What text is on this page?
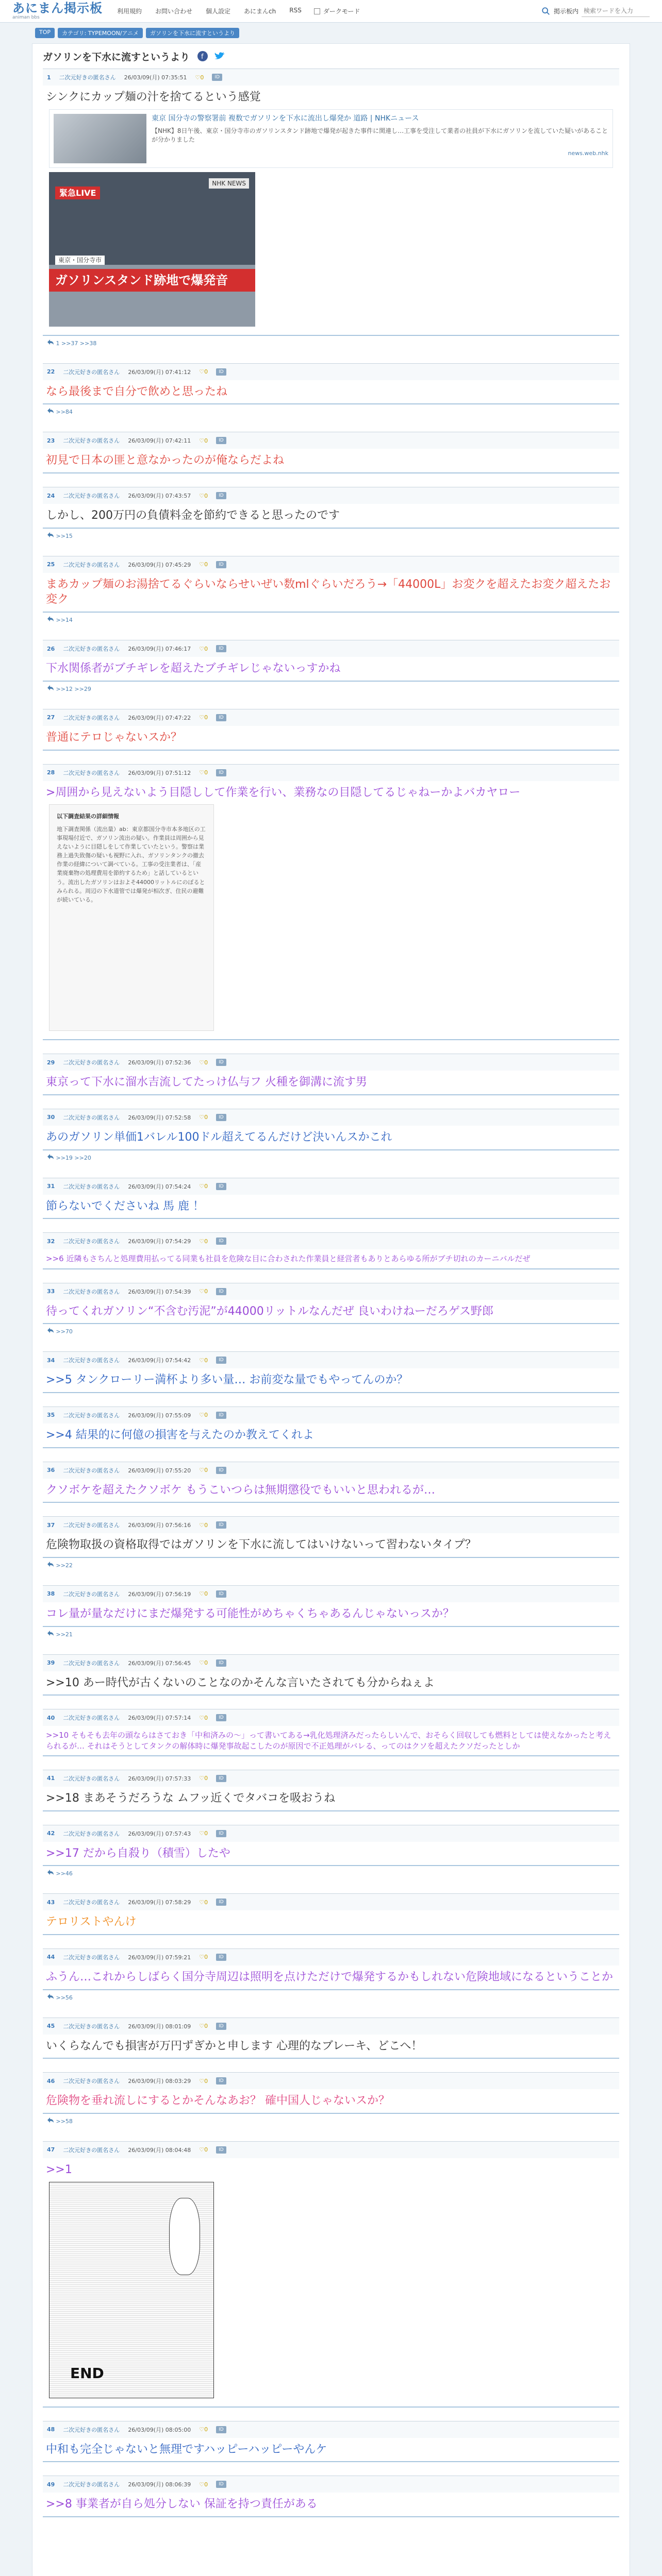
あにまん掲示板
animan bbs
利用規約 お問い合わせ 個人設定 あにまんch RSS	ダークモード	掲示板内
検索ワードを入力
TOP	カテゴリ: TYPEMOON/アニメ	ガソリンを下水に流すというより
ガソリンを下水に流すというより f
1 二次元好きの匿名さん 26/03/09(月) 07:35:51 ♡0	ID
シンクにカップ麺の汁を捨てるという感覚
東京 国分寺の警察署前 複数でガソリンを下水に流出し爆発か 道路 | NHKニュース
【NHK】8日午後、東京・国分寺市のガソリンスタンド跡地で爆発が起きた事件に関連し…工事を受注して業者の社員が下水にガソリンを流していた疑いがあることが分かりました
news.web.nhk
緊急LIVE
NHK NEWS
東京・国分寺市
ガソリンスタンド跡地で爆発音
1 >>37 >>38
22 二次元好きの匿名さん 26/03/09(月) 07:41:12 ♡0	ID
なら最後まで自分で飲めと思ったね
>>84
23 二次元好きの匿名さん 26/03/09(月) 07:42:11 ♡0	ID
初見で日本の匪と意なかったのが俺ならだよね
24 二次元好きの匿名さん 26/03/09(月) 07:43:57 ♡0	ID
しかし、200万円の負債料金を節約できると思ったのです
>>15
25 二次元好きの匿名さん 26/03/09(月) 07:45:29 ♡0	ID
まあカップ麺のお湯捨てるぐらいならせいぜい数mlぐらいだろう→「44000L」お変クを超えたお変ク超えたお変ク
>>14
26 二次元好きの匿名さん 26/03/09(月) 07:46:17 ♡0	ID
下水関係者がブチギレを超えたブチギレじゃないっすかね
>>12 >>29
27 二次元好きの匿名さん 26/03/09(月) 07:47:22 ♡0	ID
普通にテロじゃないスか？
28 二次元好きの匿名さん 26/03/09(月) 07:51:12 ♡0	ID
>周囲から見えないよう目隠しして作業を行い、業務なの目隠してるじゃねーかよバカヤロー
以下調査結果の詳細情報
地下調査関係（流出量）ab：東京都国分寺市本多地区の工事現場付近で、ガソリン流出の疑い。作業員は周囲から見えないように目隠しをして作業していたという。警察は業務上過失致傷の疑いも視野に入れ、ガソリンタンクの撤去作業の経緯について調べている。工事の受注業者は、「産業廃棄物の処理費用を節約するため」と話しているという。流出したガソリンはおよそ44000リットルにのぼるとみられる。周辺の下水道管では爆発が相次ぎ、住民の避難が続いている。
29 二次元好きの匿名さん 26/03/09(月) 07:52:36 ♡0	ID
東京って下水に溜水吉流してたっけ仏与フ 火種を御溝に流す男
30 二次元好きの匿名さん 26/03/09(月) 07:52:58 ♡0	ID
あのガソリン単価1バレル100ドル超えてるんだけど決いんスかこれ
>>19 >>20
31 二次元好きの匿名さん 26/03/09(月) 07:54:24 ♡0	ID
節らないでくださいね 馬 鹿 ！
32 二次元好きの匿名さん 26/03/09(月) 07:54:29 ♡0	ID
>>6 近隣もさちんと処理費用払ってる同業も社員を危険な目に合わされた作業員と経営者もありとあらゆる所がブチ切れのカーニバルだぜ
33 二次元好きの匿名さん 26/03/09(月) 07:54:39 ♡0	ID
待ってくれガソリン“不含む汚泥”が44000リットルなんだぜ 良いわけねーだろゲス野郎
>>70
34 二次元好きの匿名さん 26/03/09(月) 07:54:42 ♡0	ID
>>5 タンクローリー満杯より多い量… お前変な量でもやってんのか？
35 二次元好きの匿名さん 26/03/09(月) 07:55:09 ♡0	ID
>>4 結果的に何億の損害を与えたのか教えてくれよ
36 二次元好きの匿名さん 26/03/09(月) 07:55:20 ♡0	ID
クソボケを超えたクソボケ もうこいつらは無期懲役でもいいと思われるが…
37 二次元好きの匿名さん 26/03/09(月) 07:56:16 ♡0	ID
危険物取扱の資格取得ではガソリンを下水に流してはいけないって習わないタイプ？
>>22
38 二次元好きの匿名さん 26/03/09(月) 07:56:19 ♡0	ID
コレ量が量なだけにまだ爆発する可能性がめちゃくちゃあるんじゃないっスか？
>>21
39 二次元好きの匿名さん 26/03/09(月) 07:56:45 ♡0	ID
>>10 あー時代が古くないのことなのかそんな言いたされても分からねぇよ
40 二次元好きの匿名さん 26/03/09(月) 07:57:14 ♡0	ID
>>10 そもそも去年の頭ならはさておき「中和済みの〜」って書いてある→乳化処理済みだったらしいんで、おそらく回収しても燃料としては使えなかったと考えられるが… それはそうとしてタンクの解体時に爆発事故起こしたのが原因で不正処理がバレる、ってのはクソを超えたクソだったとしか
41 二次元好きの匿名さん 26/03/09(月) 07:57:33 ♡0	ID
>>18 まあそうだろうな ムフッ近くでタバコを吸おうね
42 二次元好きの匿名さん 26/03/09(月) 07:57:43 ♡0	ID
>>17 だから自殺り（積雪）したや
>>46
43 二次元好きの匿名さん 26/03/09(月) 07:58:29 ♡0	ID
テロリストやんけ
44 二次元好きの匿名さん 26/03/09(月) 07:59:21 ♡0	ID
ふうん…これからしばらく国分寺周辺は照明を点けただけで爆発するかもしれない危険地域になるということか
>>56
45 二次元好きの匿名さん 26/03/09(月) 08:01:09 ♡0	ID
いくらなんでも損害が万円ずぎかと申します 心理的なブレーキ、どこへ！
46 二次元好きの匿名さん 26/03/09(月) 08:03:29 ♡0	ID
危険物を垂れ流しにするとかそんなあお？ 確中国人じゃないスか？
>>58
47 二次元好きの匿名さん 26/03/09(月) 08:04:48 ♡0	ID
>>1
END
48 二次元好きの匿名さん 26/03/09(月) 08:05:00 ♡0	ID
中和も完全じゃないと無理ですハッピーハッピーやんケ
49 二次元好きの匿名さん 26/03/09(月) 08:06:39 ♡0	ID
>>8 事業者が自ら処分しない 保証を持つ責任がある
